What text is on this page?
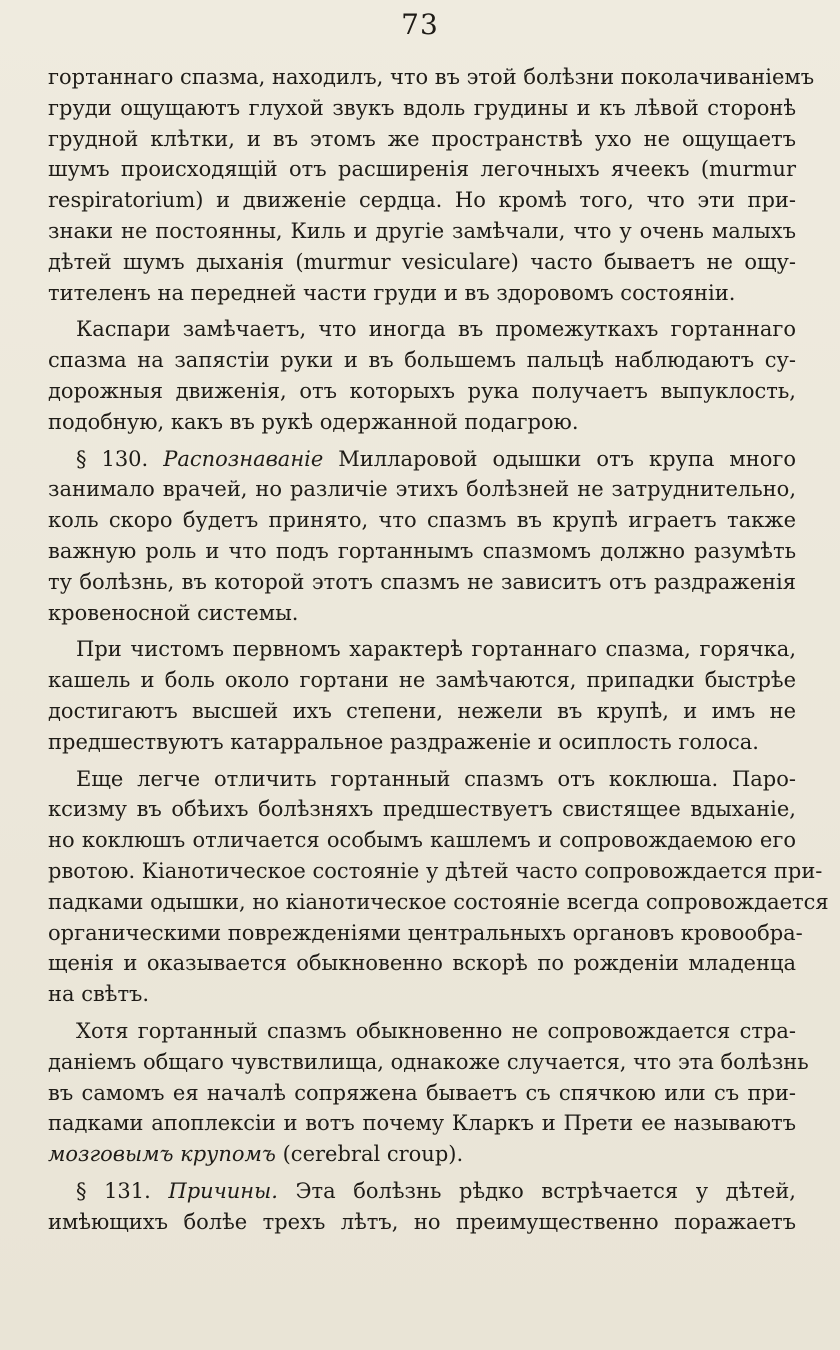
73
гортаннаго спазма, находилъ, что въ этой болѣзни поколачиваніемъ
груди ощущаютъ глухой звукъ вдоль грудины и къ лѣвой сторонѣ
грудной клѣтки, и въ этомъ же пространствѣ ухо не ощущаетъ
шумъ происходящій отъ расширенія легочныхъ ячеекъ (murmur
respiratorium) и движеніе сердца. Но кромѣ того, что эти при-
знаки не постоянны, Киль и другіе замѣчали, что у очень малыхъ
дѣтей шумъ дыханія (murmur vesiculare) часто бываетъ не ощу-
тителенъ на передней части груди и въ здоровомъ состояніи.
Каспари замѣчаетъ, что иногда въ промежуткахъ гортаннаго
спазма на запястіи руки и въ большемъ пальцѣ наблюдаютъ су-
дорожныя движенія, отъ которыхъ рука получаетъ выпуклость,
подобную, какъ въ рукѣ одержанной подагрою.
§ 130. Распознаваніе Милларовой одышки отъ крупа много
занимало врачей, но различіе этихъ болѣзней не затруднительно,
коль скоро будетъ принято, что спазмъ въ крупѣ играетъ также
важную роль и что подъ гортаннымъ спазмомъ должно разумѣть
ту болѣзнь, въ которой этотъ спазмъ не зависитъ отъ раздраженія
кровеносной системы.
При чистомъ первномъ характерѣ гортаннаго спазма, горячка,
кашель и боль около гортани не замѣчаются, припадки быстрѣе
достигаютъ высшей ихъ степени, нежели въ крупѣ, и имъ не
предшествуютъ катарральное раздраженіе и осиплость голоса.
Еще легче отличить гортанный спазмъ отъ коклюша. Паро-
ксизму въ обѣихъ болѣзняхъ предшествуетъ свистящее вдыханіе,
но коклюшъ отличается особымъ кашлемъ и сопровождаемою его
рвотою. Кіанотическое состояніе у дѣтей часто сопровождается при-
падками одышки, но кіанотическое состояніе всегда сопровождается
органическими поврежденіями центральныхъ органовъ кровообра-
щенія и оказывается обыкновенно вскорѣ по рожденіи младенца
на свѣтъ.
Хотя гортанный спазмъ обыкновенно не сопровождается стра-
даніемъ общаго чувствилища, однакоже случается, что эта болѣзнь
въ самомъ ея началѣ сопряжена бываетъ съ спячкою или съ при-
падками апоплексіи и вотъ почему Кларкъ и Прети ее называютъ
мозговымъ крупомъ (cerebral croup).
§ 131. Причины. Эта болѣзнь рѣдко встрѣчается у дѣтей,
имѣющихъ болѣе трехъ лѣтъ, но преимущественно поражаетъ
